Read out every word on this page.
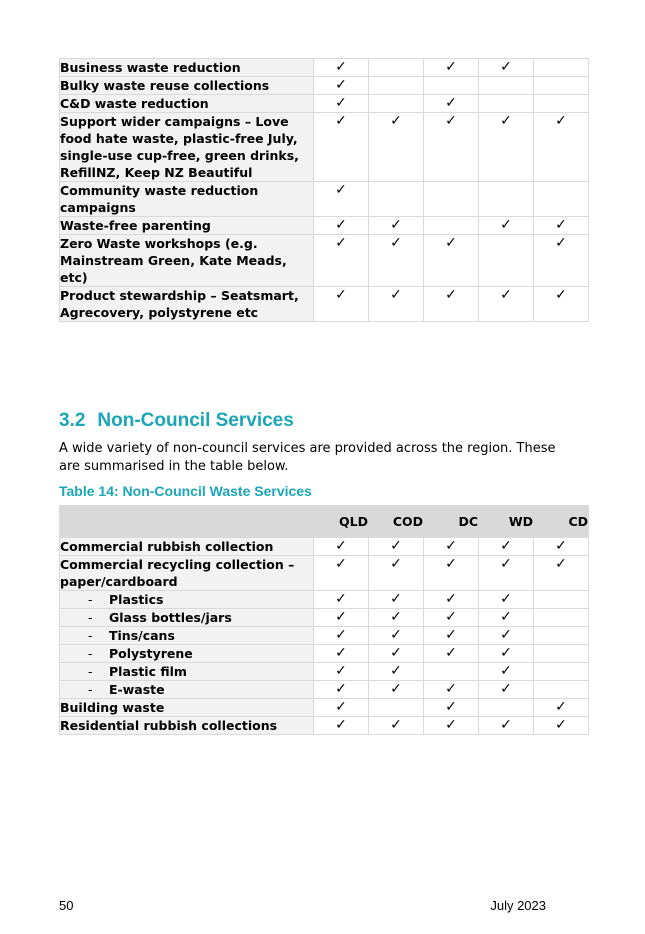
Business waste reduction	✓		✓	✓	
Bulky waste reuse collections	✓				
C&D waste reduction	✓		✓		
Support wider campaigns – Love food hate waste, plastic-free July, single-use cup-free, green drinks, RefillNZ, Keep NZ Beautiful	✓	✓	✓	✓	✓
Community waste reduction campaigns	✓				
Waste-free parenting	✓	✓		✓	✓
Zero Waste workshops (e.g. Mainstream Green, Kate Meads, etc)	✓	✓	✓		✓
Product stewardship – Seatsmart, Agrecovery, polystyrene etc	✓	✓	✓	✓	✓
3.2 Non-Council Services
A wide variety of non-council services are provided across the region. These are summarised in the table below.
Table 14: Non-Council Waste Services
	QLD	COD	DC	WD	CD
Commercial rubbish collection	✓	✓	✓	✓	✓
Commercial recycling collection – paper/cardboard	✓	✓	✓	✓	✓
- Plastics	✓	✓	✓	✓	
- Glass bottles/jars	✓	✓	✓	✓	
- Tins/cans	✓	✓	✓	✓	
- Polystyrene	✓	✓	✓	✓	
- Plastic film	✓	✓		✓	
- E-waste	✓	✓	✓	✓	
Building waste	✓		✓		✓
Residential rubbish collections	✓	✓	✓	✓	✓
50	July 2023
